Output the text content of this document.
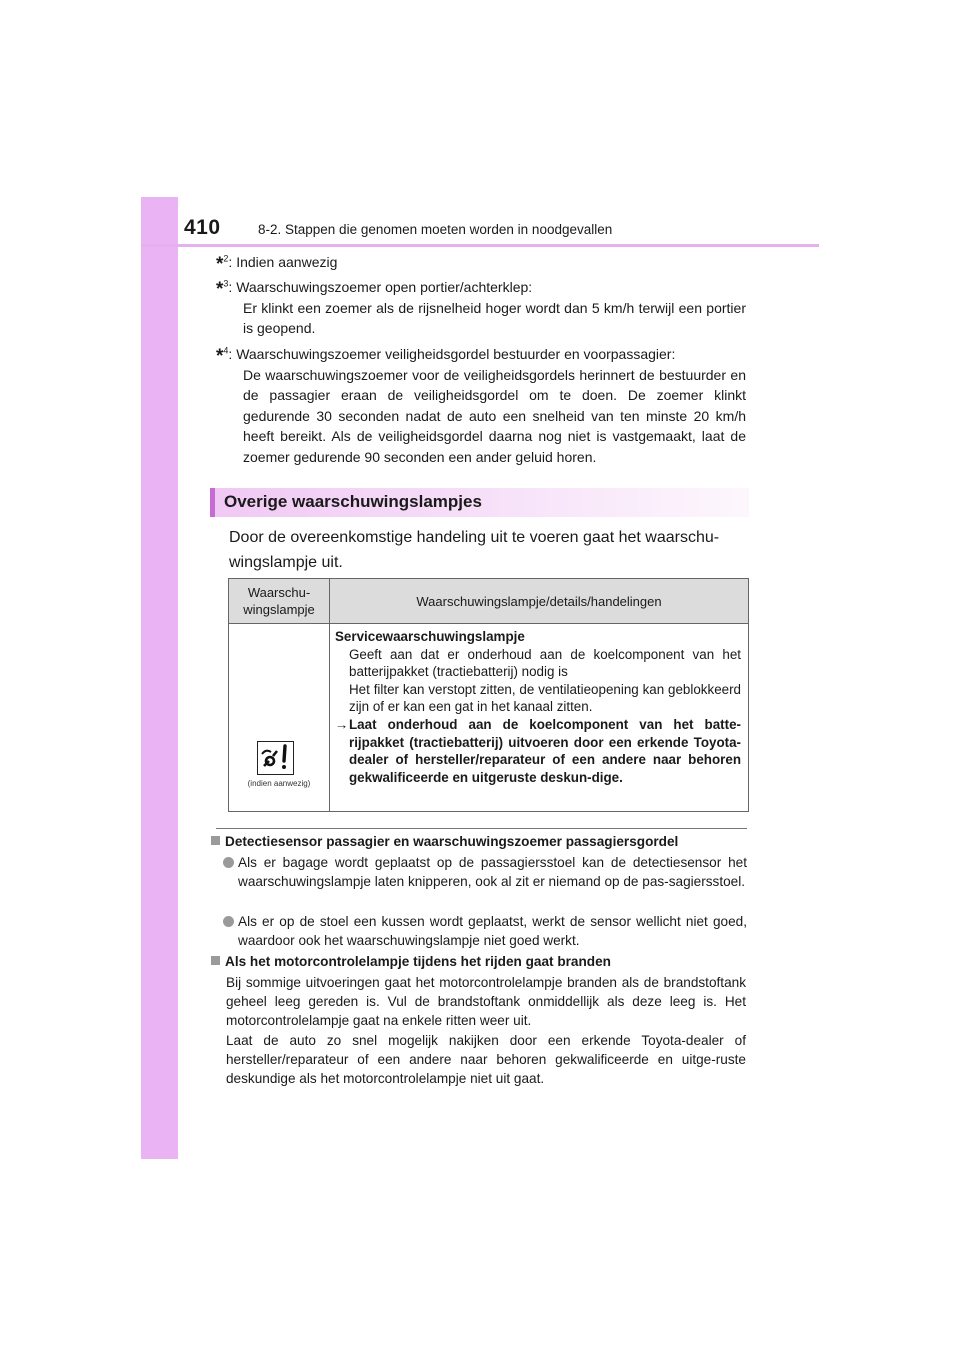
410	8-2. Stappen die genomen moeten worden in noodgevallen
*$^2$: Indien aanwezig
*$^3$: Waarschuwingszoemer open portier/achterklep:
Er klinkt een zoemer als de rijsnelheid hoger wordt dan 5 km/h terwijl een portier is geopend.
*$^4$: Waarschuwingszoemer veiligheidsgordel bestuurder en voorpassagier:
De waarschuwingszoemer voor de veiligheidsgordels herinnert de bestuurder en de passagier eraan de veiligheidsgordel om te doen. De zoemer klinkt gedurende 30 seconden nadat de auto een snelheid van ten minste 20 km/h heeft bereikt. Als de veiligheidsgordel daarna nog niet is vastgemaakt, laat de zoemer gedurende 90 seconden een ander geluid horen.
Overige waarschuwingslampjes
Door de overeenkomstige handeling uit te voeren gaat het waarschu-wingslampje uit.
Waarschu-wingslampje
Waarschuwingslampje/details/handelingen
(indien aanwezig)
Servicewaarschuwingslampje
Geeft aan dat er onderhoud aan de koelcomponent van het batterijpakket (tractiebatterij) nodig is
Het filter kan verstopt zitten, de ventilatieopening kan geblokkeerd zijn of er kan een gat in het kanaal zitten.
→Laat onderhoud aan de koelcomponent van het batte-rijpakket (tractiebatterij) uitvoeren door een erkende Toyota-dealer of hersteller/reparateur of een andere naar behoren gekwalificeerde en uitgeruste deskun-dige.
Detectiesensor passagier en waarschuwingszoemer passagiersgordel
Als er bagage wordt geplaatst op de passagiersstoel kan de detectiesensor het waarschuwingslampje laten knipperen, ook al zit er niemand op de pas-sagiersstoel.
Als er op de stoel een kussen wordt geplaatst, werkt de sensor wellicht niet goed, waardoor ook het waarschuwingslampje niet goed werkt.
Als het motorcontrolelampje tijdens het rijden gaat branden
Bij sommige uitvoeringen gaat het motorcontrolelampje branden als de brandstoftank geheel leeg gereden is. Vul de brandstoftank onmiddellijk als deze leeg is. Het motorcontrolelampje gaat na enkele ritten weer uit.
Laat de auto zo snel mogelijk nakijken door een erkende Toyota-dealer of hersteller/reparateur of een andere naar behoren gekwalificeerde en uitge-ruste deskundige als het motorcontrolelampje niet uit gaat.
